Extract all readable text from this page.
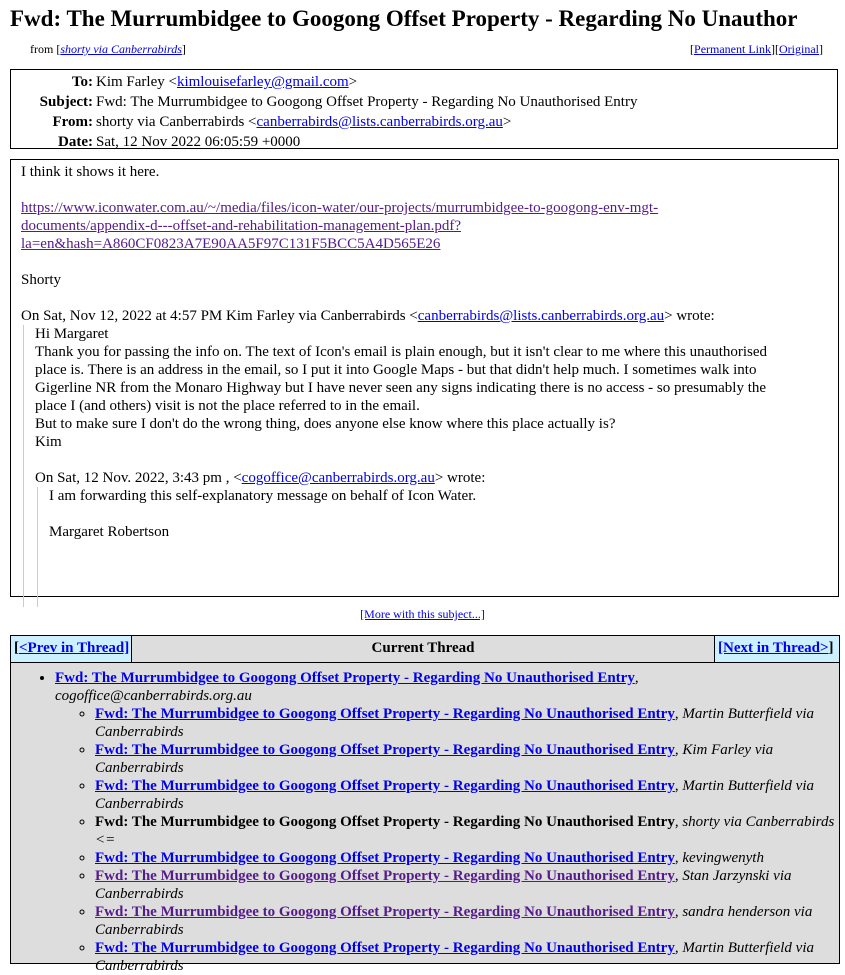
Fwd: The Murrumbidgee to Googong Offset Property - Regarding No Unauthor
from [shorty via Canberrabirds]	[Permanent Link][Original]
To: Kim Farley <kimlouisefarley@gmail.com>
Subject: Fwd: The Murrumbidgee to Googong Offset Property - Regarding No Unauthorised Entry
From: shorty via Canberrabirds <canberrabirds@lists.canberrabirds.org.au>
Date: Sat, 12 Nov 2022 06:05:59 +0000

I think it shows it here.

https://www.iconwater.com.au/~/media/files/icon-water/our-projects/murrumbidgee-to-googong-env-mgt-
documents/appendix-d---offset-and-rehabilitation-management-plan.pdf?
la=en&hash=A860CF0823A7E90AA5F97C131F5BCC5A4D565E26

Shorty

On Sat, Nov 12, 2022 at 4:57 PM Kim Farley via Canberrabirds <canberrabirds@lists.canberrabirds.org.au> wrote:

Hi Margaret

Thank you for passing the info on. The text of Icon's email is plain enough, but it isn't clear to me where this unauthorised

place is. There is an address in the email, so I put it into Google Maps - but that didn't help much. I sometimes walk into

Gigerline NR from the Monaro Highway but I have never seen any signs indicating there is no access - so presumably the

place I (and others) visit is not the place referred to in the email.

But to make sure I don't do the wrong thing, does anyone else know where this place actually is?

Kim

On Sat, 12 Nov. 2022, 3:43 pm , <cogoffice@canberrabirds.org.au> wrote:

I am forwarding this self-explanatory message on behalf of Icon Water.

Margaret Robertson

[More with this subject...]
[<Prev in Thread]	Current Thread	[Next in Thread>]
• Fwd: The Murrumbidgee to Googong Offset Property - Regarding No Unauthorised Entry,
cogoffice@canberrabirds.org.au
◦ Fwd: The Murrumbidgee to Googong Offset Property - Regarding No Unauthorised Entry, Martin Butterfield via Canberrabirds
◦ Fwd: The Murrumbidgee to Googong Offset Property - Regarding No Unauthorised Entry, Kim Farley via Canberrabirds
◦ Fwd: The Murrumbidgee to Googong Offset Property - Regarding No Unauthorised Entry, Martin Butterfield via Canberrabirds
◦ Fwd: The Murrumbidgee to Googong Offset Property - Regarding No Unauthorised Entry, shorty via Canberrabirds <=
◦ Fwd: The Murrumbidgee to Googong Offset Property - Regarding No Unauthorised Entry, kevingwenyth
◦ Fwd: The Murrumbidgee to Googong Offset Property - Regarding No Unauthorised Entry, Stan Jarzynski via Canberrabirds
◦ Fwd: The Murrumbidgee to Googong Offset Property - Regarding No Unauthorised Entry, sandra henderson via Canberrabirds
◦ Fwd: The Murrumbidgee to Googong Offset Property - Regarding No Unauthorised Entry, Martin Butterfield via Canberrabirds
